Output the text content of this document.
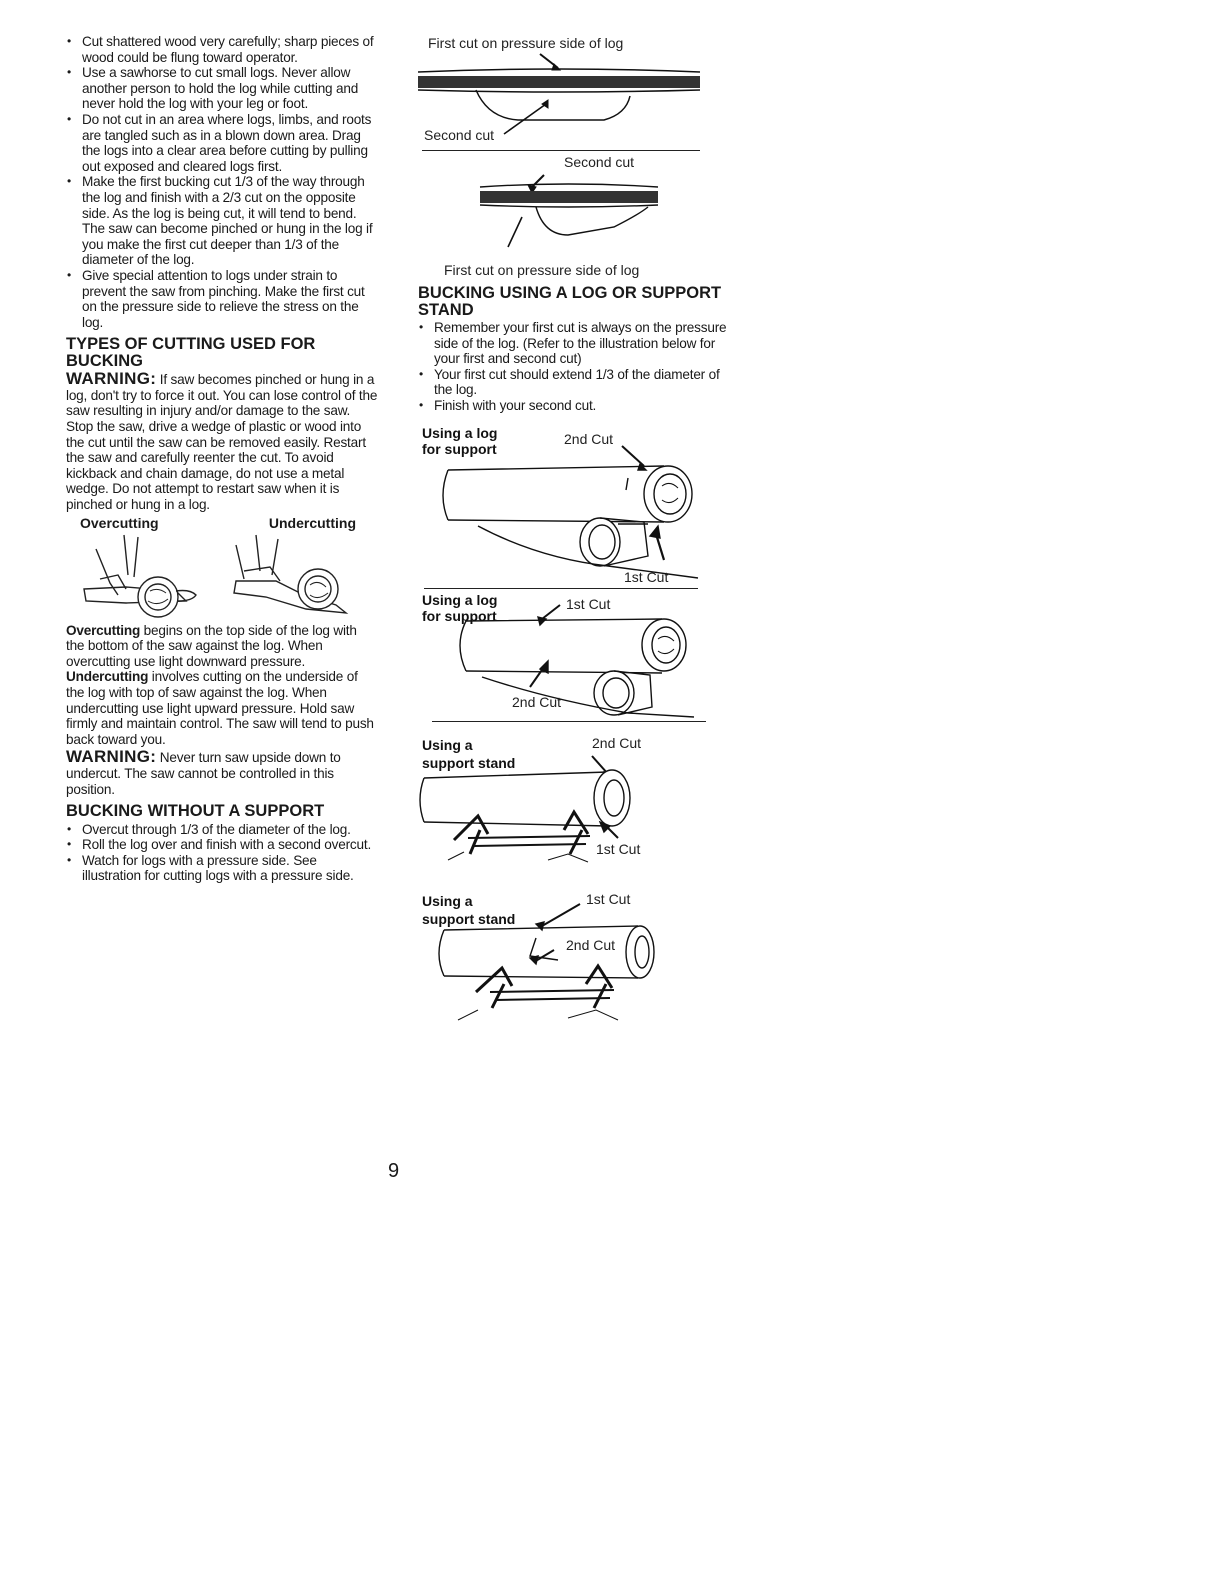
• Cut shattered wood very carefully; sharp pieces of wood could be flung toward operator.
• Use a sawhorse to cut small logs. Never allow another person to hold the log while cutting and never hold the log with your leg or foot.
• Do not cut in an area where logs, limbs, and roots are tangled such as in a blown down area. Drag the logs into a clear area before cutting by pulling out exposed and cleared logs first.
• Make the first bucking cut 1/3 of the way through the log and finish with a 2/3 cut on the opposite side. As the log is being cut, it will tend to bend. The saw can become pinched or hung in the log if you make the first cut deeper than 1/3 of the diameter of the log.
• Give special attention to logs under strain to prevent the saw from pinching. Make the first cut on the pressure side to relieve the stress on the log.
TYPES OF CUTTING USED FOR BUCKING

WARNING: If saw becomes pinched or hung in a log, don't try to force it out. You can lose control of the saw resulting in injury and/or damage to the saw. Stop the saw, drive a wedge of plastic or wood into the cut until the saw can be removed easily. Restart the saw and carefully reenter the cut. To avoid kickback and chain damage, do not use a metal wedge. Do not attempt to restart saw when it is pinched or hung in a log.

Overcutting	Undercutting

Overcutting begins on the top side of the log with the bottom of the saw against the log. When overcutting use light downward pressure.

Undercutting involves cutting on the underside of the log with top of saw against the log. When undercutting use light upward pressure. Hold saw firmly and maintain control. The saw will tend to push back toward you.

WARNING: Never turn saw upside down to undercut. The saw cannot be controlled in this position.

BUCKING WITHOUT A SUPPORT
• Overcut through 1/3 of the diameter of the log.
• Roll the log over and finish with a second overcut.
• Watch for logs with a pressure side. See illustration for cutting logs with a pressure side.
First cut on pressure side of log
Second cut
Second cut
First cut on pressure side of log
BUCKING USING A LOG OR SUPPORT STAND
• Remember your first cut is always on the pressure side of the log. (Refer to the illustration below for your first and second cut)
• Your first cut should extend 1/3 of the diameter of the log.
• Finish with your second cut.
Using a log
for support
2nd Cut
1st Cut
Using a log
for support
1st Cut
2nd Cut
Using a
support stand
2nd Cut
1st Cut
Using a
support stand
1st Cut
2nd Cut
9
